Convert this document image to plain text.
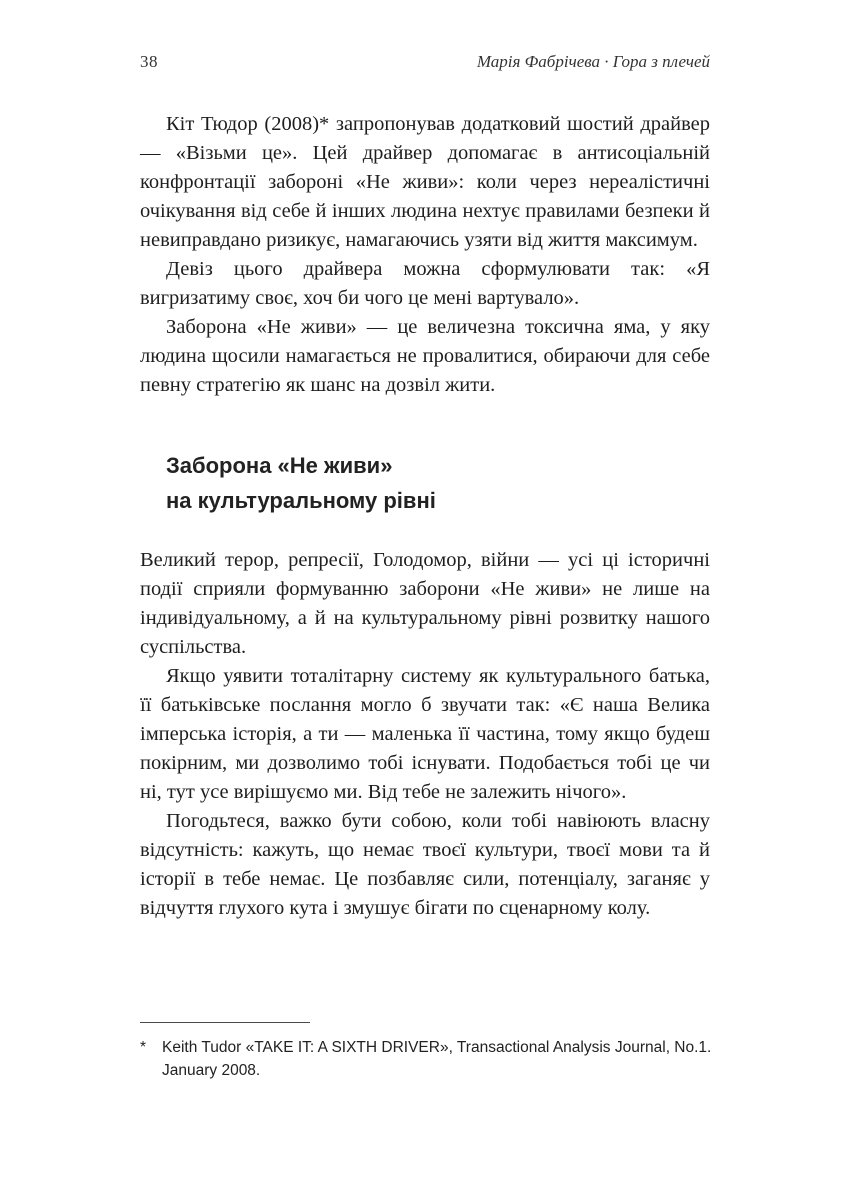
38	Марія Фабрічева · Гора з плечей

Кіт Тюдор (2008)* запропонував додатковий шостий драйвер — «Візьми це». Цей драйвер допомагає в антисоціальній конфронтації забороні «Не живи»: коли через нереалістичні очікування від себе й інших людина нехтує правилами безпеки й невиправдано ризикує, намагаючись узяти від життя максимум.

Девіз цього драйвера можна сформулювати так: «Я вигризатиму своє, хоч би чого це мені вартувало».

Заборона «Не живи» — це величезна токсична яма, у яку людина щосили намагається не провалитися, обираючи для себе певну стратегію як шанс на дозвіл жити.

Заборона «Не живи»
на культуральному рівні

Великий терор, репресії, Голодомор, війни — усі ці історичні події сприяли формуванню заборони «Не живи» не лише на індивідуальному, а й на культуральному рівні розвитку нашого суспільства.

Якщо уявити тоталітарну систему як культурального батька, її батьківське послання могло б звучати так: «Є наша Велика імперська історія, а ти — маленька її частина, тому якщо будеш покірним, ми дозволимо тобі існувати. Подобається тобі це чи ні, тут усе вирішуємо ми. Від тебе не залежить нічого».

Погодьтеся, важко бути собою, коли тобі навіюють власну відсутність: кажуть, що немає твоєї культури, твоєї мови та й історії в тебе немає. Це позбавляє сили, потенціалу, заганяє у відчуття глухого кута і змушує бігати по сценарному колу.

*	Keith Tudor «TAKE IT: A SIXTH DRIVER», Transactional Analysis Journal, No.1. January 2008.
